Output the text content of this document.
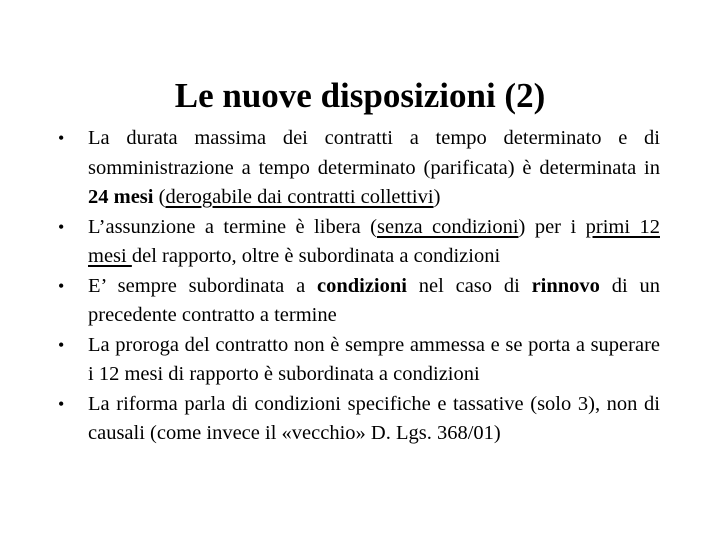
Le nuove disposizioni (2)
• La durata massima dei contratti a tempo determinato e di somministrazione a tempo determinato (parificata) è determinata in 24 mesi (derogabile dai contratti collettivi)
• L’assunzione a termine è libera (senza condizioni) per i primi 12 mesi del rapporto, oltre è subordinata a condizioni
• E’ sempre subordinata a condizioni nel caso di rinnovo di un precedente contratto a termine
• La proroga del contratto non è sempre ammessa e se porta a superare i 12 mesi di rapporto è subordinata a condizioni
• La riforma parla di condizioni specifiche e tassative (solo 3), non di causali (come invece il «vecchio» D. Lgs. 368/01)
